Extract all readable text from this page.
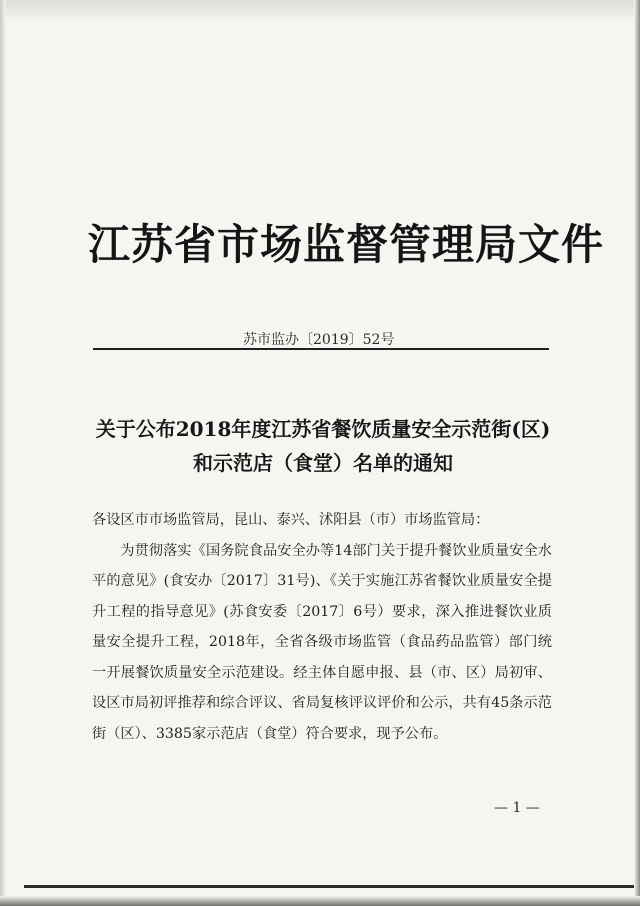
江苏省市场监督管理局文件
苏市监办〔2019〕52号
关于公布2018年度江苏省餐饮质量安全示范街(区)
和示范店（食堂）名单的通知
各设区市市场监管局，昆山、泰兴、沭阳县（市）市场监管局：
为贯彻落实《国务院食品安全办等14部门关于提升餐饮业质量安全水平的意见》(食安办〔2017〕31号)、《关于实施江苏省餐饮业质量安全提升工程的指导意见》(苏食安委〔2017〕6号）要求，深入推进餐饮业质量安全提升工程，2018年，全省各级市场监管（食品药品监管）部门统一开展餐饮质量安全示范建设。经主体自愿申报、县（市、区）局初审、设区市局初评推荐和综合评议、省局复核评议评价和公示，共有45条示范街（区）、3385家示范店（食堂）符合要求，现予公布。
— 1 —
